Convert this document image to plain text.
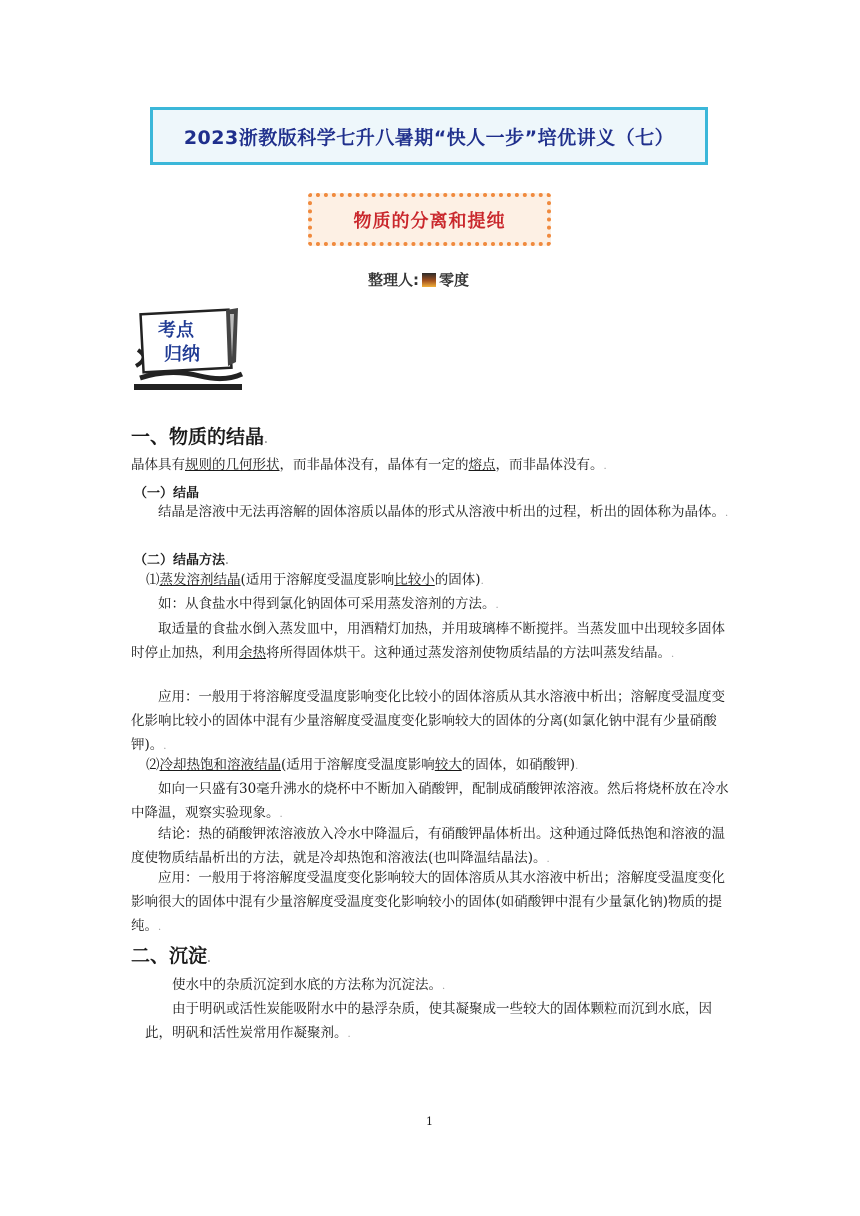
2023浙教版科学七升八暑期“快人一步”培优讲义（七）
物质的分离和提纯
整理人: 零度
考点
归纳
一、物质的结晶.
晶体具有规则的几何形状，而非晶体没有，晶体有一定的熔点，而非晶体没有。.
（一）结晶
结晶是溶液中无法再溶解的固体溶质以晶体的形式从溶液中析出的过程，析出的固体称为晶体。.
（二）结晶方法.
⑴蒸发溶剂结晶(适用于溶解度受温度影响比较小的固体).
如：从食盐水中得到氯化钠固体可采用蒸发溶剂的方法。.
取适量的食盐水倒入蒸发皿中，用酒精灯加热，并用玻璃棒不断搅拌。当蒸发皿中出现较多固体时停止加热，利用余热将所得固体烘干。这种通过蒸发溶剂使物质结晶的方法叫蒸发结晶。.
应用：一般用于将溶解度受温度影响变化比较小的固体溶质从其水溶液中析出；溶解度受温度变化影响比较小的固体中混有少量溶解度受温度变化影响较大的固体的分离(如氯化钠中混有少量硝酸钾)。.
⑵冷却热饱和溶液结晶(适用于溶解度受温度影响较大的固体，如硝酸钾).
如向一只盛有30毫升沸水的烧杯中不断加入硝酸钾，配制成硝酸钾浓溶液。然后将烧杯放在冷水中降温，观察实验现象。.
结论：热的硝酸钾浓溶液放入冷水中降温后，有硝酸钾晶体析出。这种通过降低热饱和溶液的温度使物质结晶析出的方法，就是冷却热饱和溶液法(也叫降温结晶法)。.
应用：一般用于将溶解度受温度变化影响较大的固体溶质从其水溶液中析出；溶解度受温度变化影响很大的固体中混有少量溶解度受温度变化影响较小的固体(如硝酸钾中混有少量氯化钠)物质的提纯。.
二、沉淀.
使水中的杂质沉淀到水底的方法称为沉淀法。.
由于明矾或活性炭能吸附水中的悬浮杂质，使其凝聚成一些较大的固体颗粒而沉到水底，因此，明矾和活性炭常用作凝聚剂。.
1
